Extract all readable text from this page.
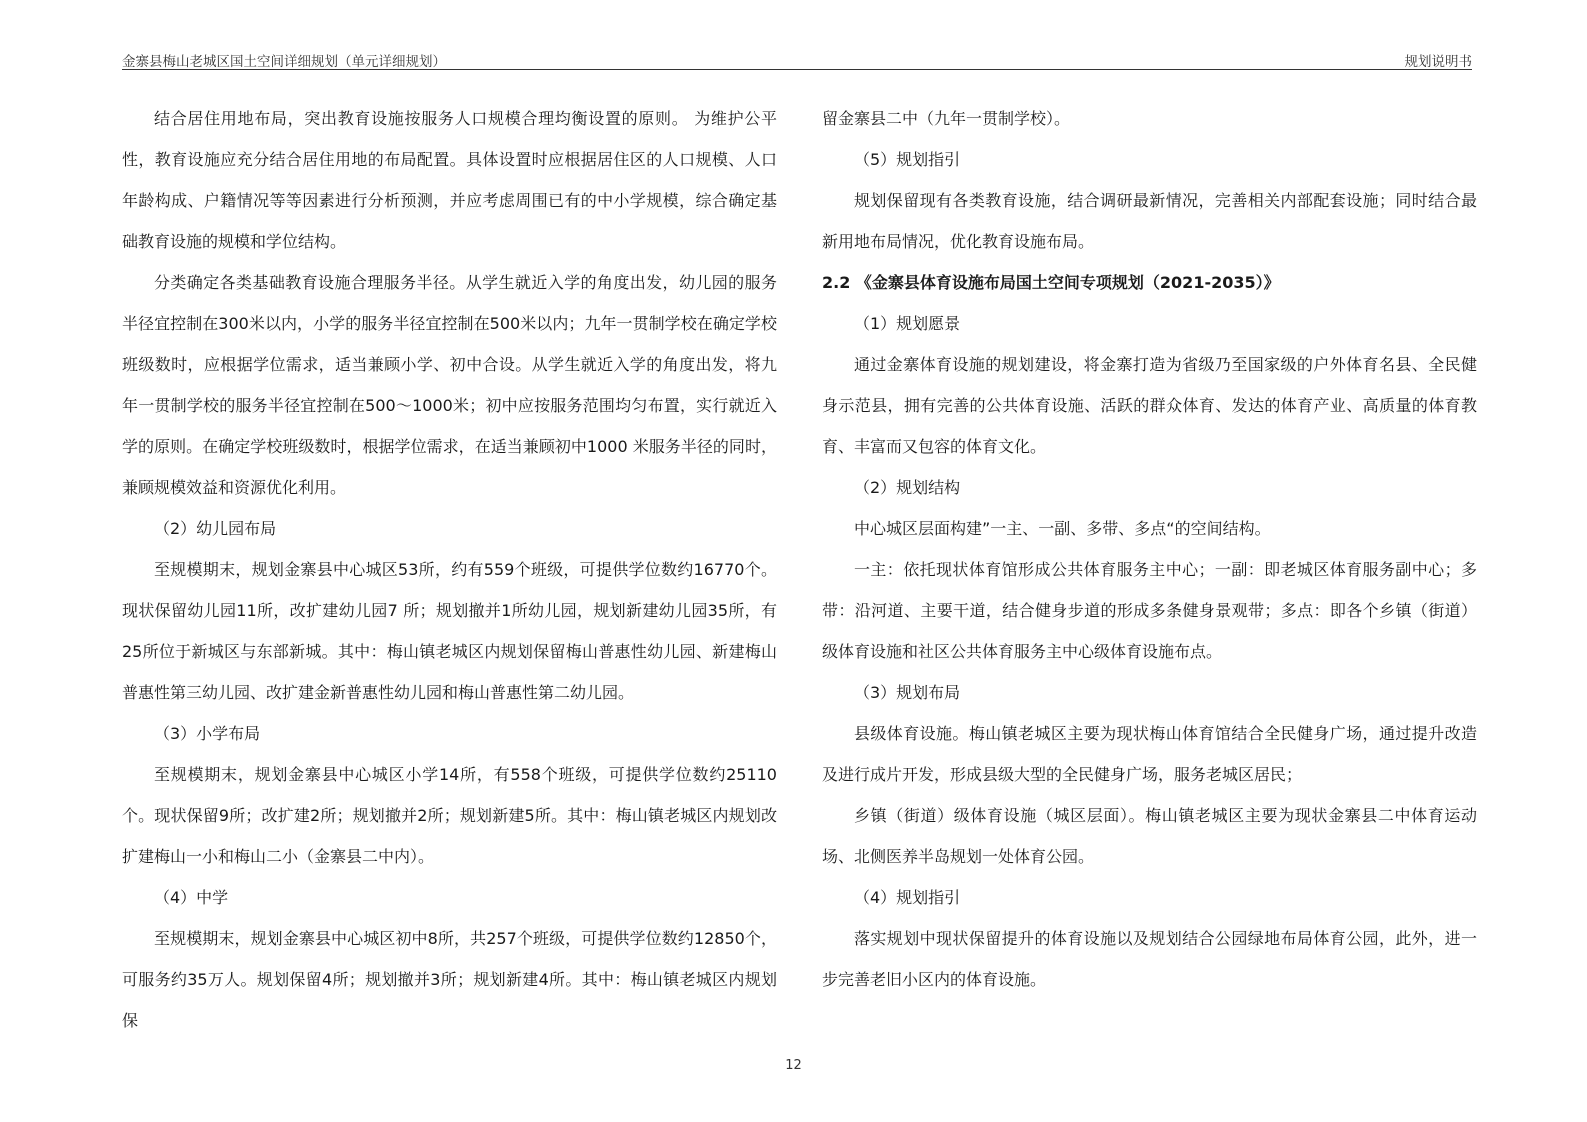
金寨县梅山老城区国土空间详细规划（单元详细规划）	规划说明书

结合居住用地布局，突出教育设施按服务人口规模合理均衡设置的原则。 为维护公平性，教育设施应充分结合居住用地的布局配置。具体设置时应根据居住区的人口规模、人口年龄构成、户籍情况等等因素进行分析预测，并应考虑周围已有的中小学规模，综合确定基础教育设施的规模和学位结构。

分类确定各类基础教育设施合理服务半径。从学生就近入学的角度出发，幼儿园的服务半径宜控制在300米以内，小学的服务半径宜控制在500米以内；九年一贯制学校在确定学校班级数时，应根据学位需求，适当兼顾小学、初中合设。从学生就近入学的角度出发，将九年一贯制学校的服务半径宜控制在500～1000米；初中应按服务范围均匀布置，实行就近入学的原则。在确定学校班级数时，根据学位需求，在适当兼顾初中1000 米服务半径的同时，兼顾规模效益和资源优化利用。

（2）幼儿园布局

至规模期末，规划金寨县中心城区53所，约有559个班级，可提供学位数约16770个。现状保留幼儿园11所，改扩建幼儿园7 所；规划撤并1所幼儿园，规划新建幼儿园35所，有25所位于新城区与东部新城。其中：梅山镇老城区内规划保留梅山普惠性幼儿园、新建梅山普惠性第三幼儿园、改扩建金新普惠性幼儿园和梅山普惠性第二幼儿园。

（3）小学布局

至规模期末，规划金寨县中心城区小学14所，有558个班级，可提供学位数约25110个。现状保留9所；改扩建2所；规划撤并2所；规划新建5所。其中：梅山镇老城区内规划改扩建梅山一小和梅山二小（金寨县二中内）。

（4）中学

至规模期末，规划金寨县中心城区初中8所，共257个班级，可提供学位数约12850个，可服务约35万人。规划保留4所；规划撤并3所；规划新建4所。其中：梅山镇老城区内规划保

留金寨县二中（九年一贯制学校）。

（5）规划指引

规划保留现有各类教育设施，结合调研最新情况，完善相关内部配套设施；同时结合最新用地布局情况，优化教育设施布局。

2.2 《金寨县体育设施布局国土空间专项规划（2021-2035）》

（1）规划愿景

通过金寨体育设施的规划建设，将金寨打造为省级乃至国家级的户外体育名县、全民健身示范县，拥有完善的公共体育设施、活跃的群众体育、发达的体育产业、高质量的体育教育、丰富而又包容的体育文化。

（2）规划结构

中心城区层面构建”一主、一副、多带、多点“的空间结构。

一主：依托现状体育馆形成公共体育服务主中心；一副：即老城区体育服务副中心；多带：沿河道、主要干道，结合健身步道的形成多条健身景观带；多点：即各个乡镇（街道）级体育设施和社区公共体育服务主中心级体育设施布点。

（3）规划布局

县级体育设施。梅山镇老城区主要为现状梅山体育馆结合全民健身广场，通过提升改造及进行成片开发，形成县级大型的全民健身广场，服务老城区居民；

乡镇（街道）级体育设施（城区层面）。梅山镇老城区主要为现状金寨县二中体育运动场、北侧医养半岛规划一处体育公园。

（4）规划指引

落实规划中现状保留提升的体育设施以及规划结合公园绿地布局体育公园，此外，进一步完善老旧小区内的体育设施。

12
